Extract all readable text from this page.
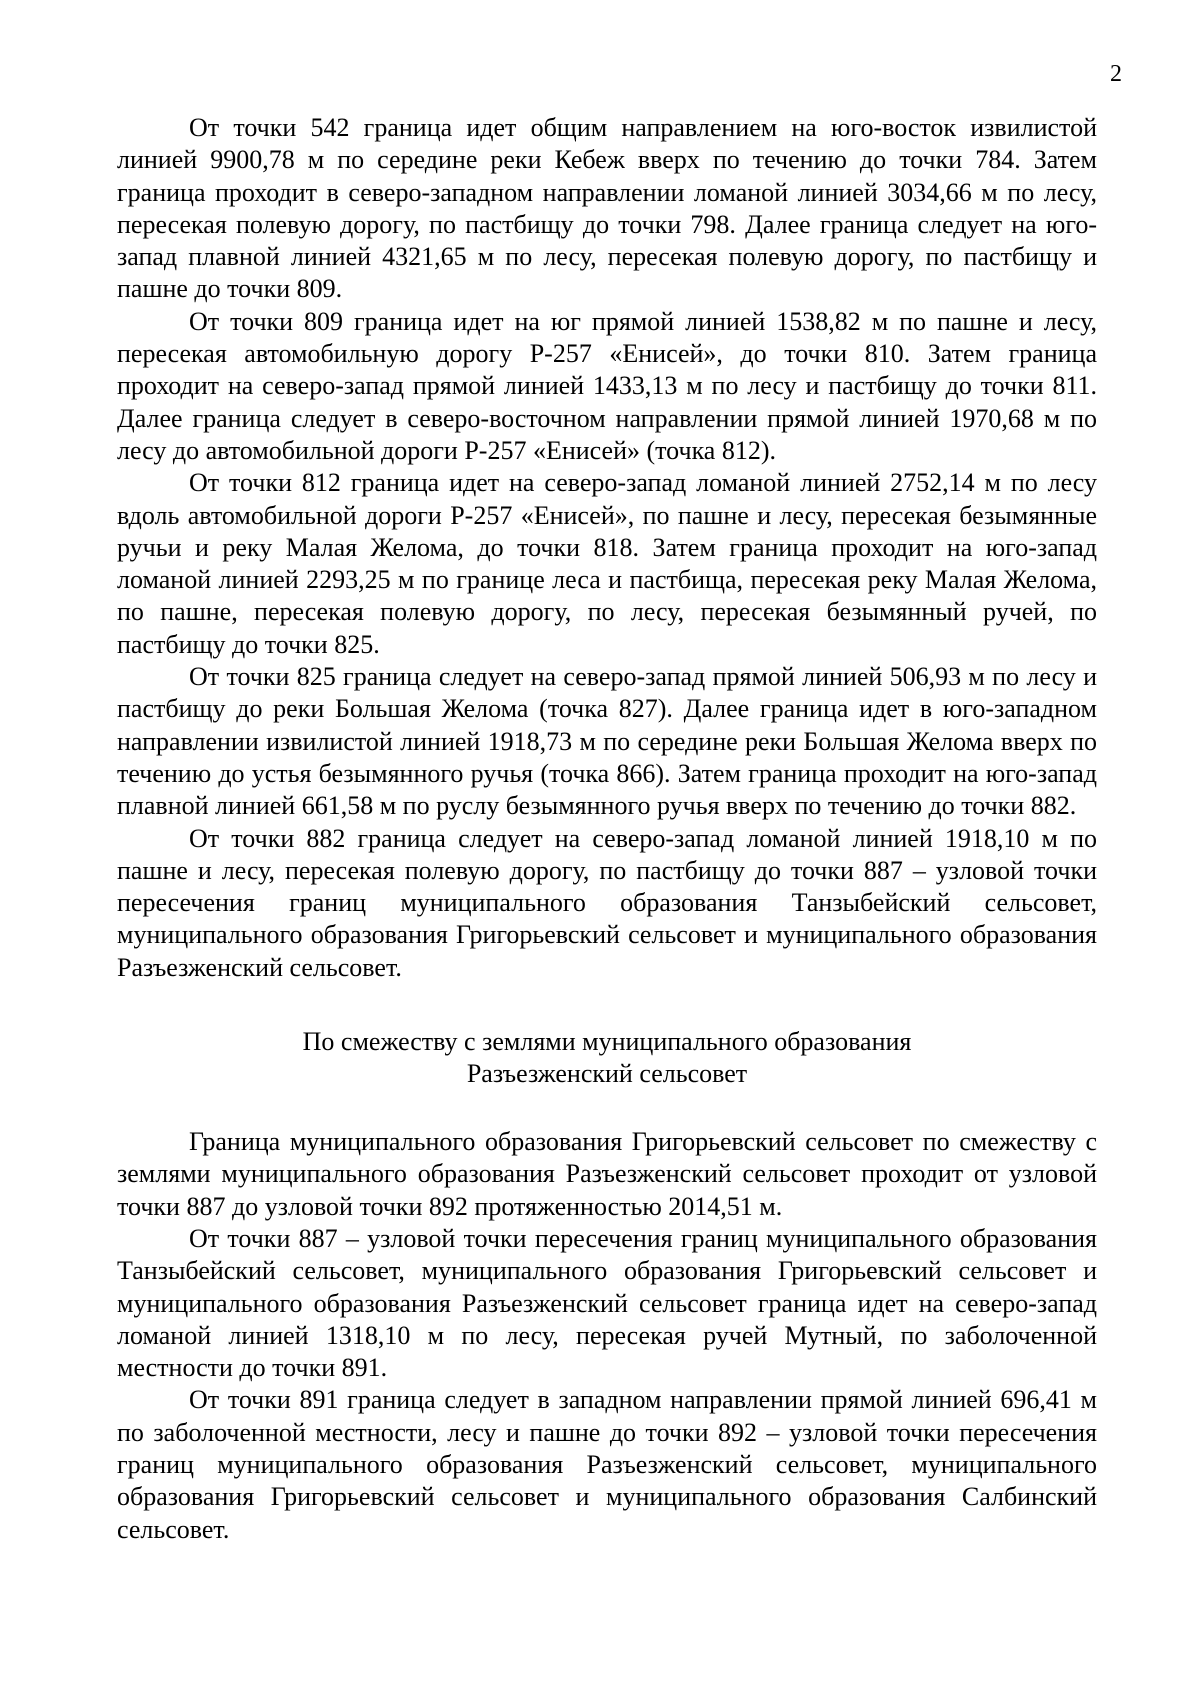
2

От точки 542 граница идет общим направлением на юго-восток извилистой линией 9900,78 м по середине реки Кебеж вверх по течению до точки 784. Затем граница проходит в северо-западном направлении ломаной линией 3034,66 м по лесу, пересекая полевую дорогу, по пастбищу до точки 798. Далее граница следует на юго-запад плавной линией 4321,65 м по лесу, пересекая полевую дорогу, по пастбищу и пашне до точки 809.

От точки 809 граница идет на юг прямой линией 1538,82 м по пашне и лесу, пересекая автомобильную дорогу Р-257 «Енисей», до точки 810. Затем граница проходит на северо-запад прямой линией 1433,13 м по лесу и пастбищу до точки 811. Далее граница следует в северо-восточном направлении прямой линией 1970,68 м по лесу до автомобильной дороги Р-257 «Енисей» (точка 812).

От точки 812 граница идет на северо-запад ломаной линией 2752,14 м по лесу вдоль автомобильной дороги Р-257 «Енисей», по пашне и лесу, пересекая безымянные ручьи и реку Малая Желома, до точки 818. Затем граница проходит на юго-запад ломаной линией 2293,25 м по границе леса и пастбища, пересекая реку Малая Желома, по пашне, пересекая полевую дорогу, по лесу, пересекая безымянный ручей, по пастбищу до точки 825.

От точки 825 граница следует на северо-запад прямой линией 506,93 м по лесу и пастбищу до реки Большая Желома (точка 827). Далее граница идет в юго-западном направлении извилистой линией 1918,73 м по середине реки Большая Желома вверх по течению до устья безымянного ручья (точка 866). Затем граница проходит на юго-запад плавной линией 661,58 м по руслу безымянного ручья вверх по течению до точки 882.

От точки 882 граница следует на северо-запад ломаной линией 1918,10 м по пашне и лесу, пересекая полевую дорогу, по пастбищу до точки 887 – узловой точки пересечения границ муниципального образования Танзыбейский сельсовет, муниципального образования Григорьевский сельсовет и муниципального образования Разъезженский сельсовет.

По смежеству с землями муниципального образования
Разъезженский сельсовет

Граница муниципального образования Григорьевский сельсовет по смежеству с землями муниципального образования Разъезженский сельсовет проходит от узловой точки 887 до узловой точки 892 протяженностью 2014,51 м.

От точки 887 – узловой точки пересечения границ муниципального образования Танзыбейский сельсовет, муниципального образования Григорьевский сельсовет и муниципального образования Разъезженский сельсовет граница идет на северо-запад ломаной линией 1318,10 м по лесу, пересекая ручей Мутный, по заболоченной местности до точки 891.

От точки 891 граница следует в западном направлении прямой линией 696,41 м по заболоченной местности, лесу и пашне до точки 892 – узловой точки пересечения границ муниципального образования Разъезженский сельсовет, муниципального образования Григорьевский сельсовет и муниципального образования Салбинский сельсовет.
